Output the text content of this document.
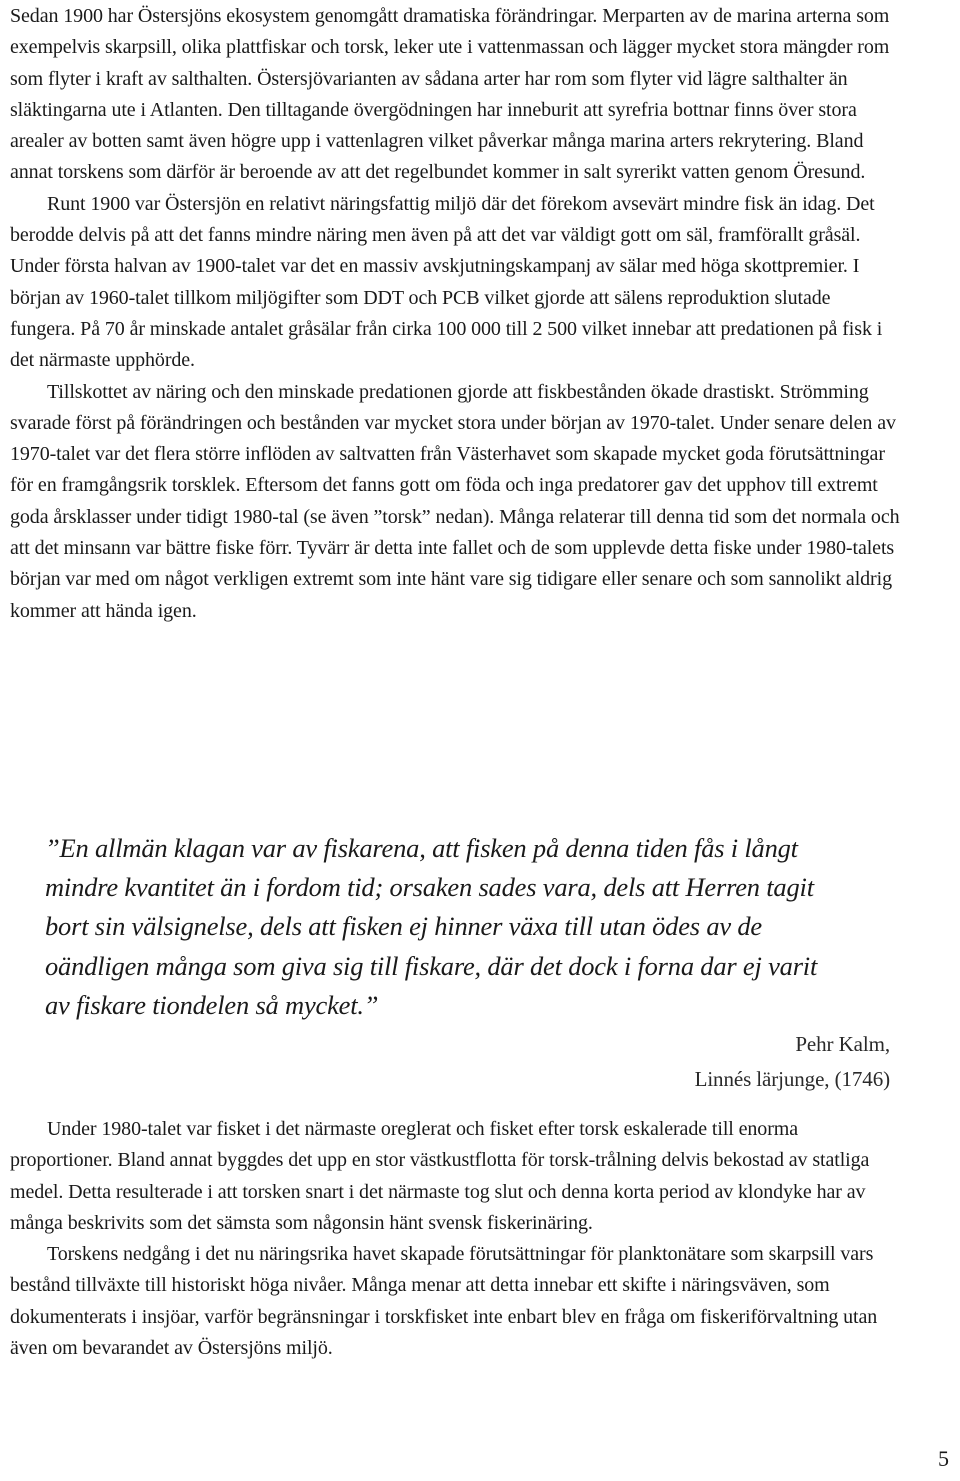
Sedan 1900 har Östersjöns ekosystem genomgått dramatiska förändringar. Merparten av de marina arterna som exempelvis skarpsill, olika plattfiskar och torsk, leker ute i vattenmassan och lägger mycket stora mängder rom som flyter i kraft av salthalten. Östersjövarianten av sådana arter har rom som flyter vid lägre salthalter än släktingarna ute i Atlanten. Den tilltagande övergödningen har inneburit att syrefria bottnar finns över stora arealer av botten samt även högre upp i vattenlagren vilket påverkar många marina arters rekrytering. Bland annat torskens som därför är beroende av att det regelbundet kommer in salt syrerikt vatten genom Öresund.

Runt 1900 var Östersjön en relativt näringsfattig miljö där det förekom avsevärt mindre fisk än idag. Det berodde delvis på att det fanns mindre näring men även på att det var väldigt gott om säl, framförallt gråsäl. Under första halvan av 1900-talet var det en massiv avskjutningskampanj av sälar med höga skottpremier. I början av 1960-talet tillkom miljögifter som DDT och PCB vilket gjorde att sälens reproduktion slutade fungera. På 70 år minskade antalet gråsälar från cirka 100 000 till 2 500 vilket innebar att predationen på fisk i det närmaste upphörde.

Tillskottet av näring och den minskade predationen gjorde att fiskbestånden ökade drastiskt. Strömming svarade först på förändringen och bestånden var mycket stora under början av 1970-talet. Under senare delen av 1970-talet var det flera större inflöden av saltvatten från Västerhavet som skapade mycket goda förutsättningar för en framgångsrik torsklek. Eftersom det fanns gott om föda och inga predatorer gav det upphov till extremt goda årsklasser under tidigt 1980-tal (se även ”torsk” nedan). Många relaterar till denna tid som det normala och att det minsann var bättre fiske förr. Tyvärr är detta inte fallet och de som upplevde detta fiske under 1980-talets början var med om något verkligen extremt som inte hänt vare sig tidigare eller senare och som sannolikt aldrig kommer att hända igen.

”En allmän klagan var av fiskarena, att fisken på denna tiden fås i långt mindre kvantitet än i fordom tid; orsaken sades vara, dels att Herren tagit bort sin välsignelse, dels att fisken ej hinner växa till utan ödes av de oändligen många som giva sig till fiskare, där det dock i forna dar ej varit av fiskare tiondelen så mycket.”

Pehr Kalm,
Linnés lärjunge, (1746)

Under 1980-talet var fisket i det närmaste oreglerat och fisket efter torsk eskalerade till enorma proportioner. Bland annat byggdes det upp en stor västkustflotta för torsk-trålning delvis bekostad av statliga medel. Detta resulterade i att torsken snart i det närmaste tog slut och denna korta period av klondyke har av många beskrivits som det sämsta som någonsin hänt svensk fiskerinäring.

Torskens nedgång i det nu näringsrika havet skapade förutsättningar för planktonätare som skarpsill vars bestånd tillväxte till historiskt höga nivåer. Många menar att detta innebar ett skifte i näringsväven, som dokumenterats i insjöar, varför begränsningar i torskfisket inte enbart blev en fråga om fiskeriförvaltning utan även om bevarandet av Östersjöns miljö.

5
